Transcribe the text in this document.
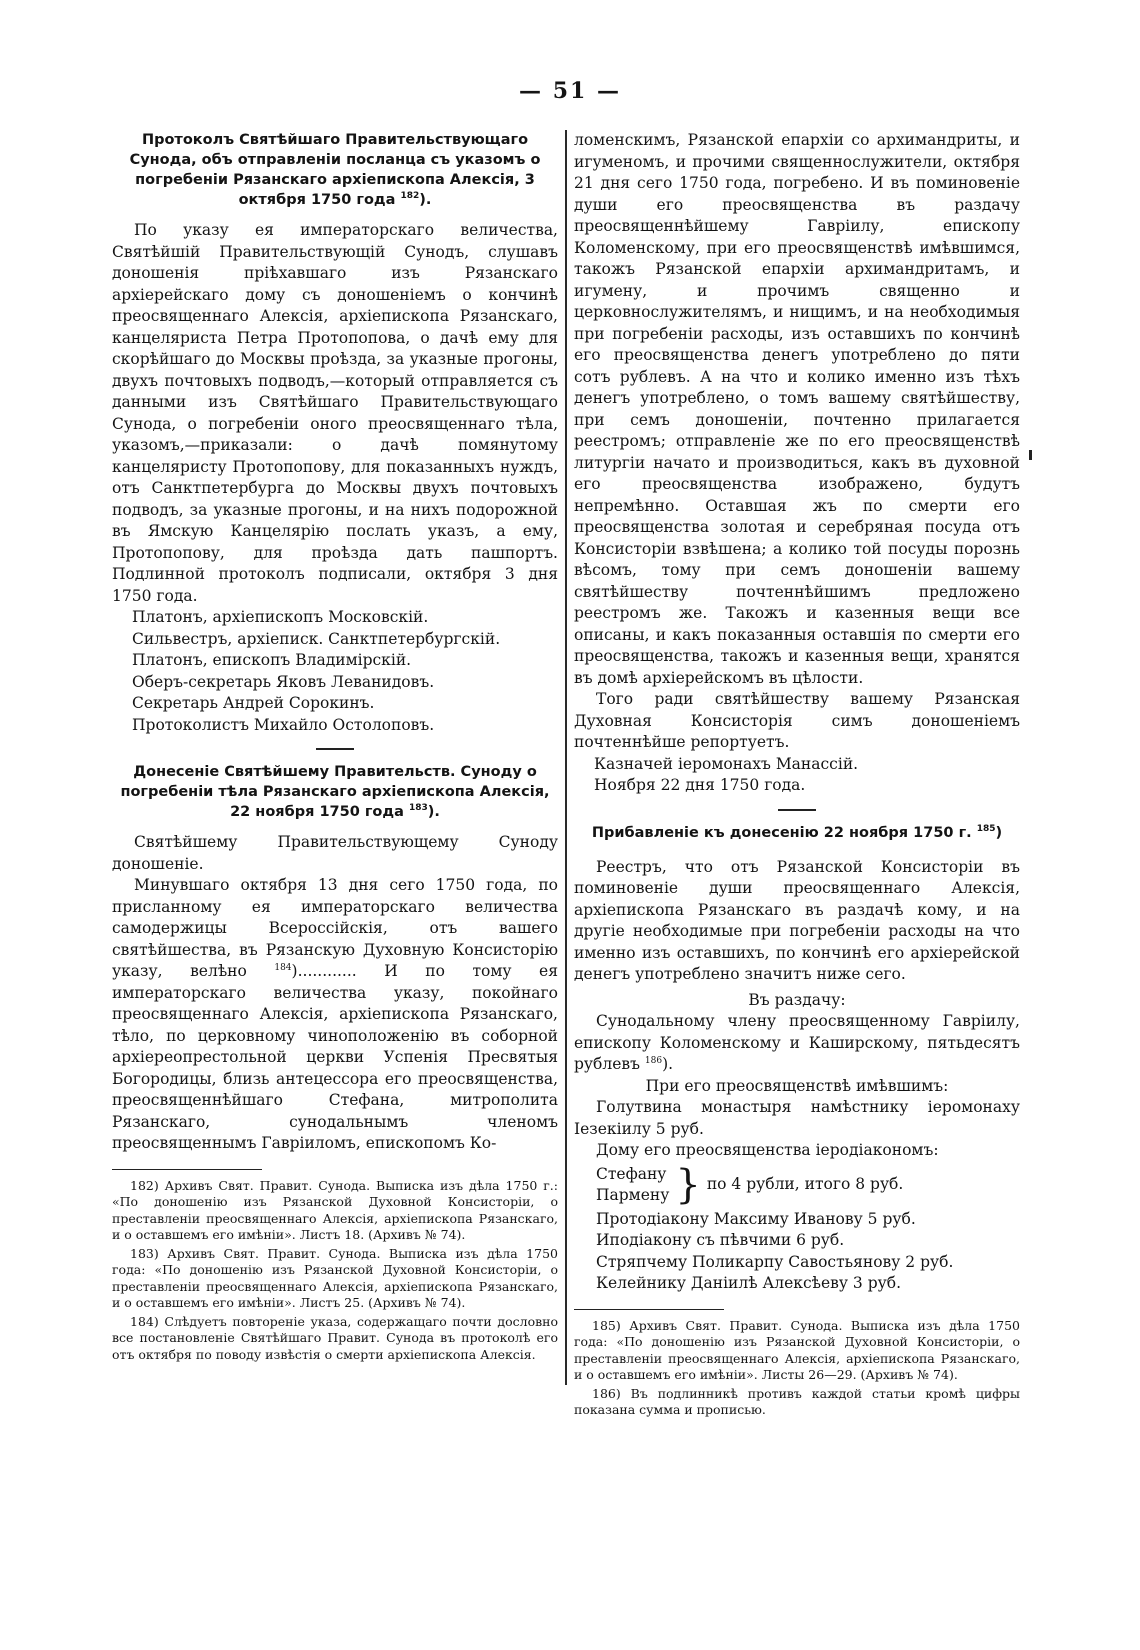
— 51 —
Протоколъ Святѣйшаго Правительствующаго Сунода, объ отправленіи посланца съ указомъ о погребеніи Рязанскаго архіепископа Алексія, 3 октября 1750 года $^{182}$).

По указу ея императорскаго величества, Святѣйшій Правительствующій Сунодъ, слушавъ доношенія пріѣхавшаго изъ Рязанскаго архіерейскаго дому съ доношеніемъ о кончинѣ преосвященнаго Алексія, архіепископа Рязанскаго, канцеляриста Петра Протопопова, о дачѣ ему для скорѣйшаго до Москвы проѣзда, за указные прогоны, двухъ почтовыхъ подводъ,—который отправляется съ данными изъ Святѣйшаго Правительствующаго Сунода, о погребеніи оного преосвященнаго тѣла, указомъ,—приказали: о дачѣ помянутому канцеляристу Протопопову, для показанныхъ нуждъ, отъ Санктпетербурга до Москвы двухъ почтовыхъ подводъ, за указные прогоны, и на нихъ подорожной въ Ямскую Канцелярію послать указъ, а ему, Протопопову, для проѣзда дать пашпортъ. Подлинной протоколъ подписали, октября 3 дня 1750 года.

Платонъ, архіепископъ Московскій.

Сильвестръ, архіеписк. Санктпетербургскій.

Платонъ, епископъ Владимірскій.

Оберъ-секретарь Яковъ Леванидовъ.

Секретарь Андрей Сорокинъ.

Протоколистъ Михайло Остолоповъ.

Донесеніе Святѣйшему Правительств. Суноду о погребеніи тѣла Рязанскаго архіепископа Алексія, 22 ноября 1750 года $^{183}$).

Святѣйшему Правительствующему Суноду доношеніе.

Минувшаго октября 13 дня сего 1750 года, по присланному ея императорскаго величества самодержицы Всероссійскія, отъ вашего святѣйшества, въ Рязанскую Духовную Консисторію указу, велѣно	$^{184}$)............ И по тому ея императорскаго величества указу, покойнаго преосвященнаго Алексія, архіепископа Рязанскаго, тѣло, по церковному чиноположенію въ соборной архіереопрестольной церкви Успенія Пресвятыя Богородицы, близь антецессора его преосвященства, преосвященнѣйшаго Стефана, митрополита Рязанскаго, сунодальнымъ членомъ преосвященнымъ Гавріиломъ, епископомъ Ко-

182) Архивъ Свят. Правит. Сунода. Выписка изъ дѣла 1750 г.: «По доношенію изъ Рязанской Духовной Консисторіи, о преставленіи преосвященнаго Алексія, архіепископа Рязанскаго, и о оставшемъ его имѣніи». Листъ 18. (Архивъ № 74).

183) Архивъ Свят. Правит. Сунода. Выписка изъ дѣла 1750 года: «По доношенію изъ Рязанской Духовной Консисторіи, о преставленіи преосвященнаго Алексія, архіепископа Рязанскаго, и о оставшемъ его имѣніи». Листъ 25. (Архивъ № 74).

184) Слѣдуетъ повтореніе указа, содержащаго почти дословно все постановленіе Святѣйшаго Правит. Сунода въ протоколѣ его отъ октября по поводу извѣстія о смерти архіепископа Алексія.

ломенскимъ, Рязанской епархіи со архимандриты, и игуменомъ, и прочими священнослужители, октября 21 дня сего 1750 года, погребено. И въ поминовеніе души его преосвященства въ раздачу преосвященнѣйшему Гавріилу, епископу Коломенскому, при его преосвященствѣ имѣвшимся, такожъ Рязанской епархіи архимандритамъ, и игумену, и прочимъ священно и церковнослужителямъ, и нищимъ, и на необходимыя при погребеніи расходы, изъ оставшихъ по кончинѣ его преосвященства денегъ употреблено до пяти сотъ рублевъ. А на что и колико именно изъ тѣхъ денегъ употреблено, о томъ вашему святѣйшеству, при семъ доношеніи, почтенно прилагается реестромъ; отправленіе же по его преосвященствѣ литургіи начато и производиться, какъ въ духовной его преосвященства изображено, будутъ непремѣнно. Оставшая жъ по смерти его преосвященства золотая и серебряная посуда отъ Консисторіи взвѣшена; а колико той посуды порознь вѣсомъ, тому при семъ доношеніи вашему святѣйшеству почтеннѣйшимъ предложено реестромъ же. Такожъ и казенныя вещи все описаны, и какъ показанныя оставшія по смерти его преосвященства, такожъ и казенныя вещи, хранятся въ домѣ архіерейскомъ въ цѣлости.

Того ради святѣйшеству вашему Рязанская Духовная Консисторія симъ доношеніемъ почтеннѣйше репортуетъ.

Казначей іеромонахъ Манассій.

Ноября 22 дня 1750 года.

Прибавленіе къ донесенію 22 ноября 1750 г. $^{185}$)

Реестръ, что отъ Рязанской Консисторіи въ поминовеніе души преосвященнаго Алексія, архіепископа Рязанскаго въ раздачѣ кому, и на другіе необходимые при погребеніи расходы на что именно изъ оставшихъ, по кончинѣ его архіерейской денегъ употреблено значитъ ниже сего.

Въ раздачу:

Сунодальному члену преосвященному Гавріилу, епископу Коломенскому и Каширскому, пятьдесятъ рублевъ $^{186}$).

При его преосвященствѣ имѣвшимъ:

Голутвина монастыря намѣстнику іеромонаху Іезекіилу 5 руб.

Дому его преосвященства іеродіакономъ:

Стефану
Пармену } по 4 рубли, итого 8 руб.

Протодіакону Максиму Иванову 5 руб.

Иподіакону съ пѣвчими 6 руб.

Стряпчему Поликарпу Савостьянову 2 руб.

Келейнику Даніилѣ Алексѣеву 3 руб.

185) Архивъ Свят. Правит. Сунода. Выписка изъ дѣла 1750 года: «По доношенію изъ Рязанской Духовной Консисторіи, о преставленіи преосвященнаго Алексія, архіепископа Рязанскаго, и о оставшемъ его имѣніи». Листы 26—29. (Архивъ № 74).

186) Въ подлинникѣ противъ каждой статьи кромѣ цифры показана сумма и прописью.
